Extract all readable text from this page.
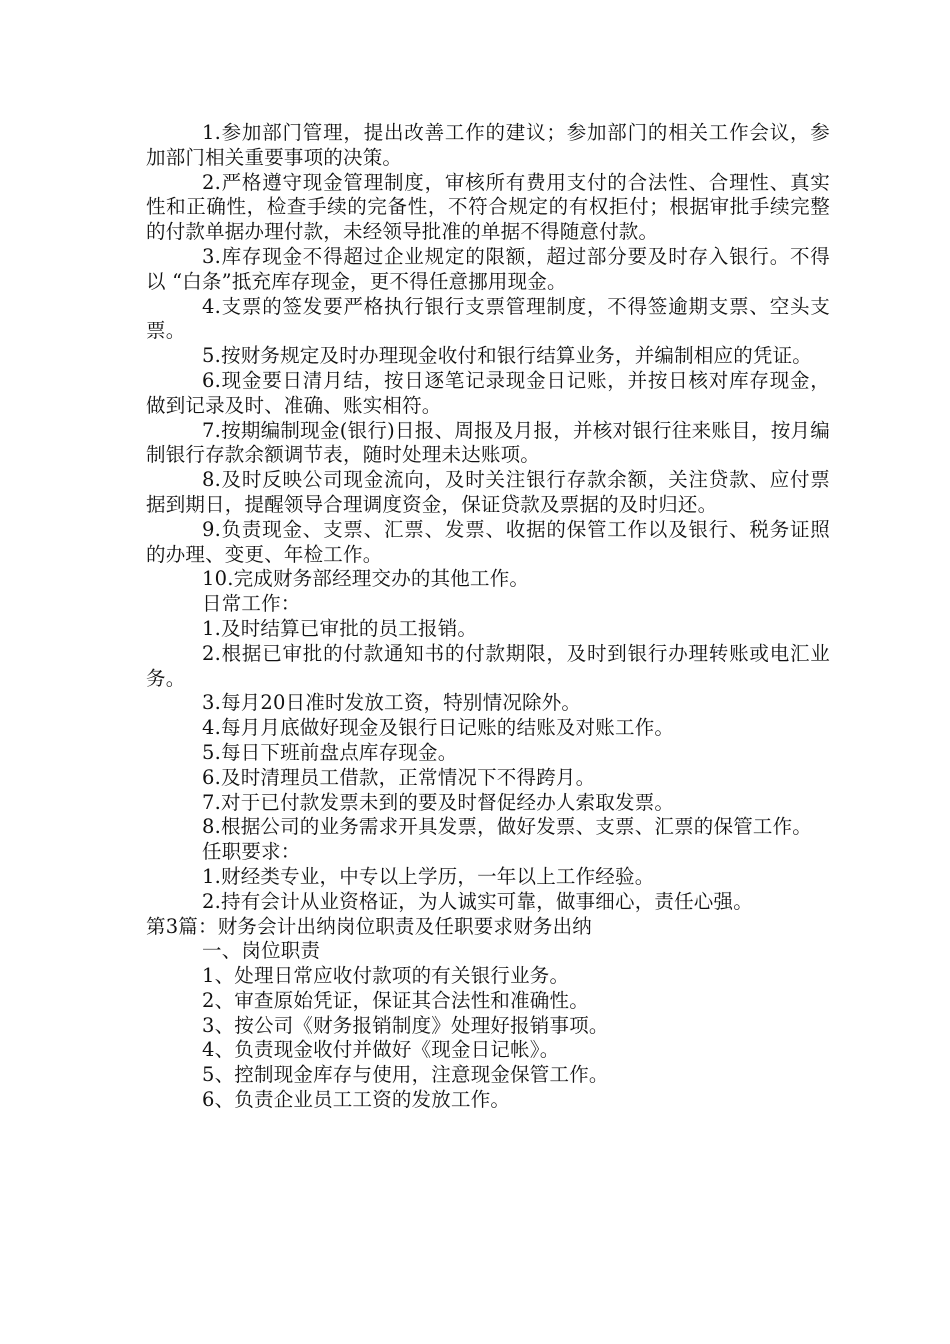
1.参加部门管理，提出改善工作的建议；参加部门的相关工作会议，参加部门相关重要事项的决策。

2.严格遵守现金管理制度，审核所有费用支付的合法性、合理性、真实性和正确性，检查手续的完备性，不符合规定的有权拒付；根据审批手续完整的付款单据办理付款，未经领导批准的单据不得随意付款。

3.库存现金不得超过企业规定的限额，超过部分要及时存入银行。不得以 “白条”抵充库存现金，更不得任意挪用现金。

4.支票的签发要严格执行银行支票管理制度，不得签逾期支票、空头支票。

5.按财务规定及时办理现金收付和银行结算业务，并编制相应的凭证。

6.现金要日清月结，按日逐笔记录现金日记账，并按日核对库存现金，做到记录及时、准确、账实相符。

7.按期编制现金(银行)日报、周报及月报，并核对银行往来账目，按月编制银行存款余额调节表，随时处理未达账项。

8.及时反映公司现金流向，及时关注银行存款余额，关注贷款、应付票据到期日，提醒领导合理调度资金，保证贷款及票据的及时归还。

9.负责现金、支票、汇票、发票、收据的保管工作以及银行、税务证照的办理、变更、年检工作。

10.完成财务部经理交办的其他工作。

日常工作：

1.及时结算已审批的员工报销。

2.根据已审批的付款通知书的付款期限，及时到银行办理转账或电汇业务。

3.每月20日准时发放工资，特别情况除外。

4.每月月底做好现金及银行日记账的结账及对账工作。

5.每日下班前盘点库存现金。

6.及时清理员工借款，正常情况下不得跨月。

7.对于已付款发票未到的要及时督促经办人索取发票。

8.根据公司的业务需求开具发票，做好发票、支票、汇票的保管工作。

任职要求：

1.财经类专业，中专以上学历，一年以上工作经验。

2.持有会计从业资格证，为人诚实可靠，做事细心，责任心强。

第3篇：财务会计出纳岗位职责及任职要求财务出纳

一、岗位职责

1、处理日常应收付款项的有关银行业务。

2、审查原始凭证，保证其合法性和准确性。

3、按公司《财务报销制度》处理好报销事项。

4、负责现金收付并做好《现金日记帐》。

5、控制现金库存与使用，注意现金保管工作。

6、负责企业员工工资的发放工作。
